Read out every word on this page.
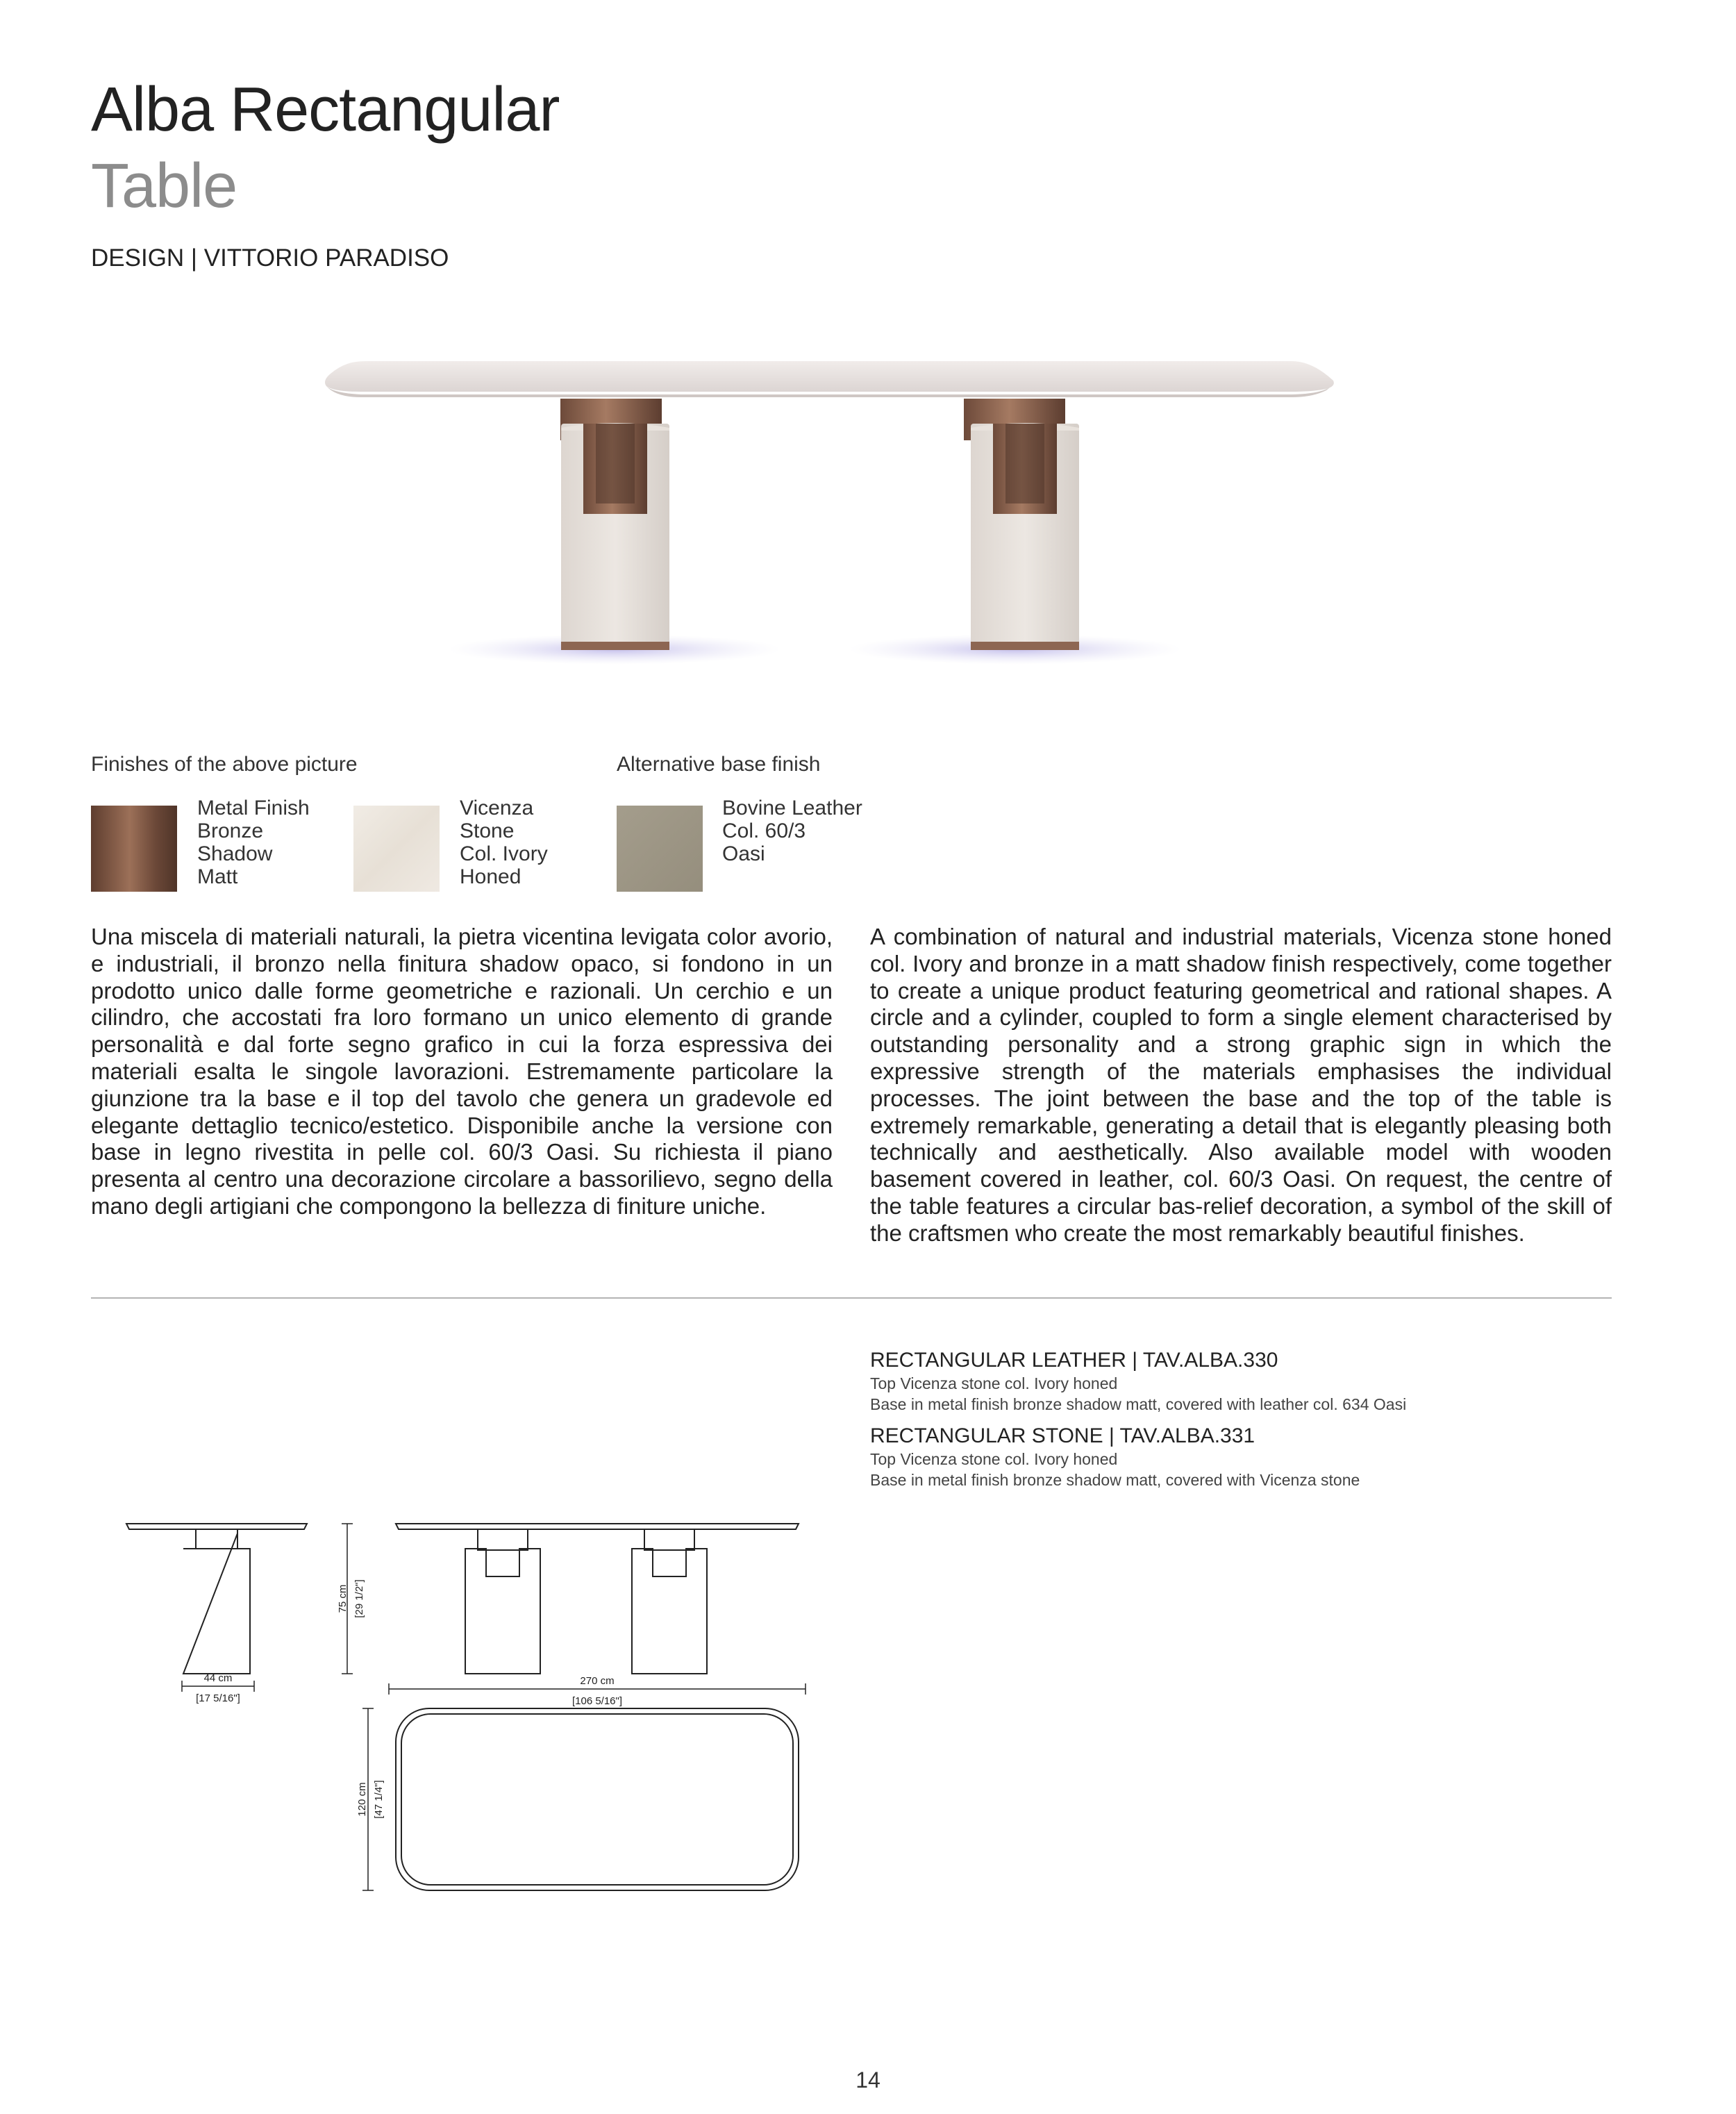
Alba Rectangular
Table
DESIGN | VITTORIO PARADISO
Finishes of the above picture	Alternative base finish
Metal Finish
Bronze
Shadow
Matt
Vicenza
Stone
Col. Ivory
Honed
Bovine Leather
Col. 60/3
Oasi
Una miscela di materiali naturali, la pietra vicentina levigata color avorio, e industriali, il bronzo nella finitura shadow opaco, si fondono in un prodotto unico dalle forme geometriche e razionali. Un cerchio e un cilindro, che accostati fra loro formano un unico elemento di grande personalità e dal forte segno grafico in cui la forza espressiva dei materiali esalta le singole lavorazioni. Estremamente particolare la giunzione tra la base e il top del tavolo che genera un gradevole ed elegante dettaglio tecnico/estetico. Disponibile anche la versione con base in legno rivestita in pelle col. 60/3 Oasi. Su richiesta il piano presenta al centro una decorazione circolare a bassorilievo, segno della mano degli artigiani che compongono la bellezza di finiture uniche.
A combination of natural and industrial materials, Vicenza stone honed col. Ivory and bronze in a matt shadow finish respectively, come together to create a unique product featuring geometrical and rational shapes. A circle and a cylinder, coupled to form a single element characterised by outstanding personality and a strong graphic sign in which the expressive strength of the materials emphasises the individual processes. The joint between the base and the top of the table is extremely remarkable, generating a detail that is elegantly pleasing both technically and aesthetically. Also available model with wooden basement covered in leather, col. 60/3 Oasi. On request, the centre of the table features a circular bas-relief decoration, a symbol of the skill of the craftsmen who create the most remarkably beautiful finishes.
RECTANGULAR LEATHER | TAV.ALBA.330
Top Vicenza stone col. Ivory honed
Base in metal finish bronze shadow matt, covered with leather col. 634 Oasi
RECTANGULAR STONE | TAV.ALBA.331
Top Vicenza stone col. Ivory honed
Base in metal finish bronze shadow matt, covered with Vicenza stone
44 cm
[17 5/16"]
270 cm
[106 5/16"]
75 cm [29 1/2"]
120 cm [47 1/4"]
14
